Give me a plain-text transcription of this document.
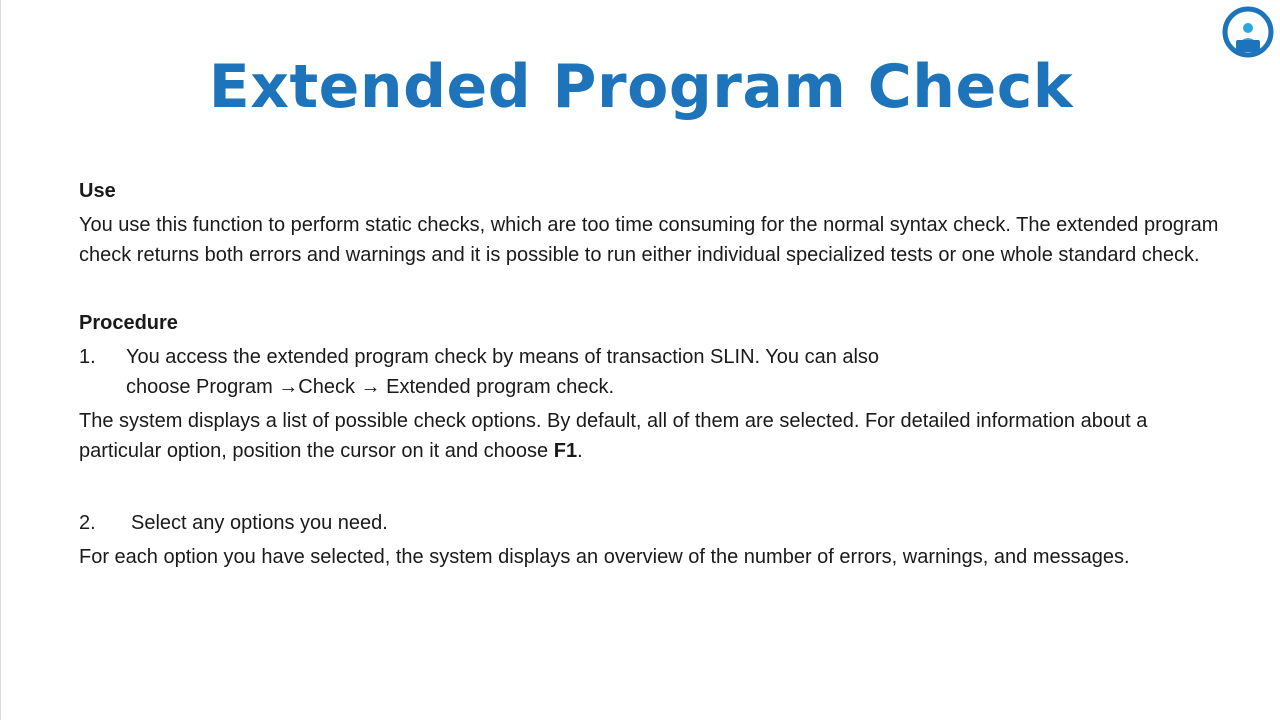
Extended Program Check

Use

You use this function to perform static checks, which are too time consuming for the normal syntax check. The extended program check returns both errors and warnings and it is possible to run either individual specialized tests or one whole standard check.

Procedure

1.	You access the extended program check by means of transaction SLIN. You can also
choose Program →Check → Extended program check.

The system displays a list of possible check options. By default, all of them are selected. For detailed information about a particular option, position the cursor on it and choose F1.

2.	Select any options you need.

For each option you have selected, the system displays an overview of the number of errors, warnings, and messages.
